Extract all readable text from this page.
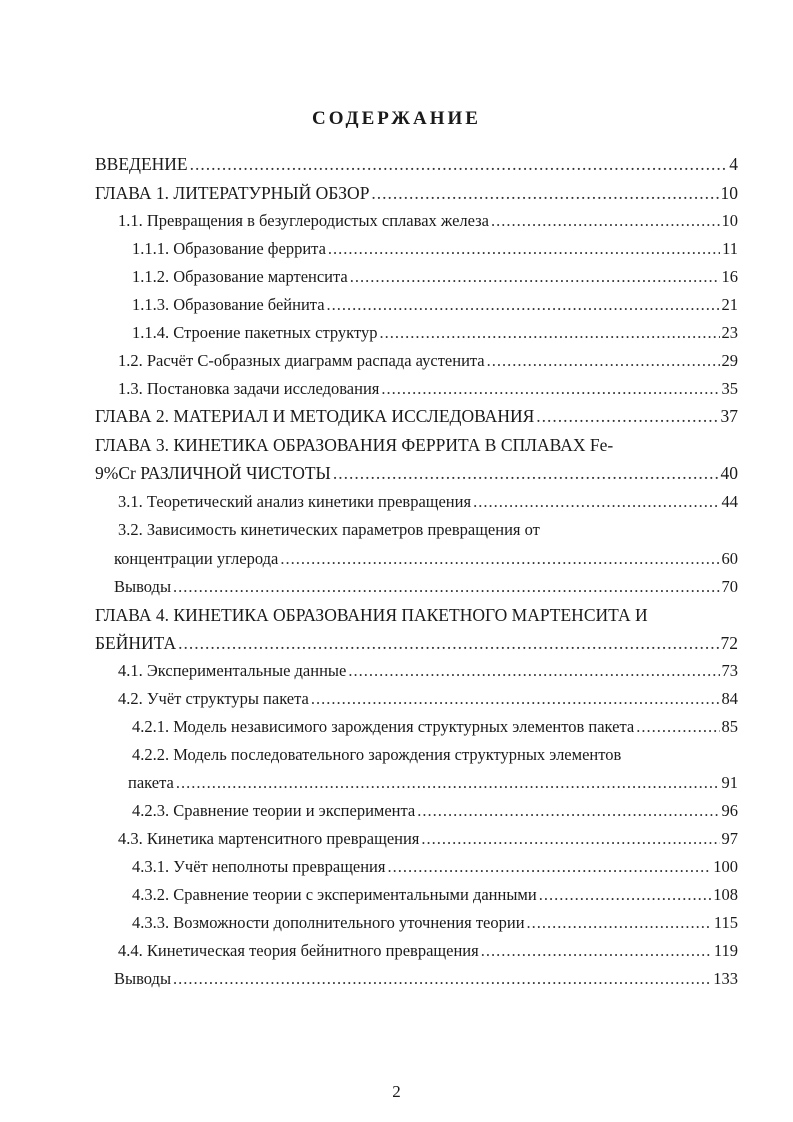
СОДЕРЖАНИЕ
ВВЕДЕНИЕ .....	4
ГЛАВА 1. ЛИТЕРАТУРНЫЙ ОБЗОР .....	10
1.1. Превращения в безуглеродистых сплавах железа .....	10
1.1.1. Образование феррита .....	11
1.1.2. Образование мартенсита .....	16
1.1.3. Образование бейнита .....	21
1.1.4. Строение пакетных структур .....	23
1.2. Расчёт С-образных диаграмм распада аустенита .....	29
1.3. Постановка задачи исследования .....	35
ГЛАВА 2. МАТЕРИАЛ И МЕТОДИКА ИССЛЕДОВАНИЯ .....	37
ГЛАВА 3. КИНЕТИКА ОБРАЗОВАНИЯ ФЕРРИТА В СПЛАВАХ Fe-
9%Cr РАЗЛИЧНОЙ ЧИСТОТЫ .....	40
3.1. Теоретический анализ кинетики превращения .....	44
3.2. Зависимость кинетических параметров превращения от
концентрации углерода .....	60
Выводы .....	70
ГЛАВА 4. КИНЕТИКА ОБРАЗОВАНИЯ ПАКЕТНОГО МАРТЕНСИТА И
БЕЙНИТА .....	72
4.1. Экспериментальные данные .....	73
4.2. Учёт структуры пакета .....	84
4.2.1. Модель независимого зарождения структурных элементов пакета .....	85
4.2.2. Модель последовательного зарождения структурных элементов
пакета .....	91
4.2.3. Сравнение теории и эксперимента .....	96
4.3. Кинетика мартенситного превращения .....	97
4.3.1. Учёт неполноты превращения .....	100
4.3.2. Сравнение теории с экспериментальными данными .....	108
4.3.3. Возможности дополнительного уточнения теории .....	115
4.4. Кинетическая теория бейнитного превращения .....	119
Выводы .....	133

2
